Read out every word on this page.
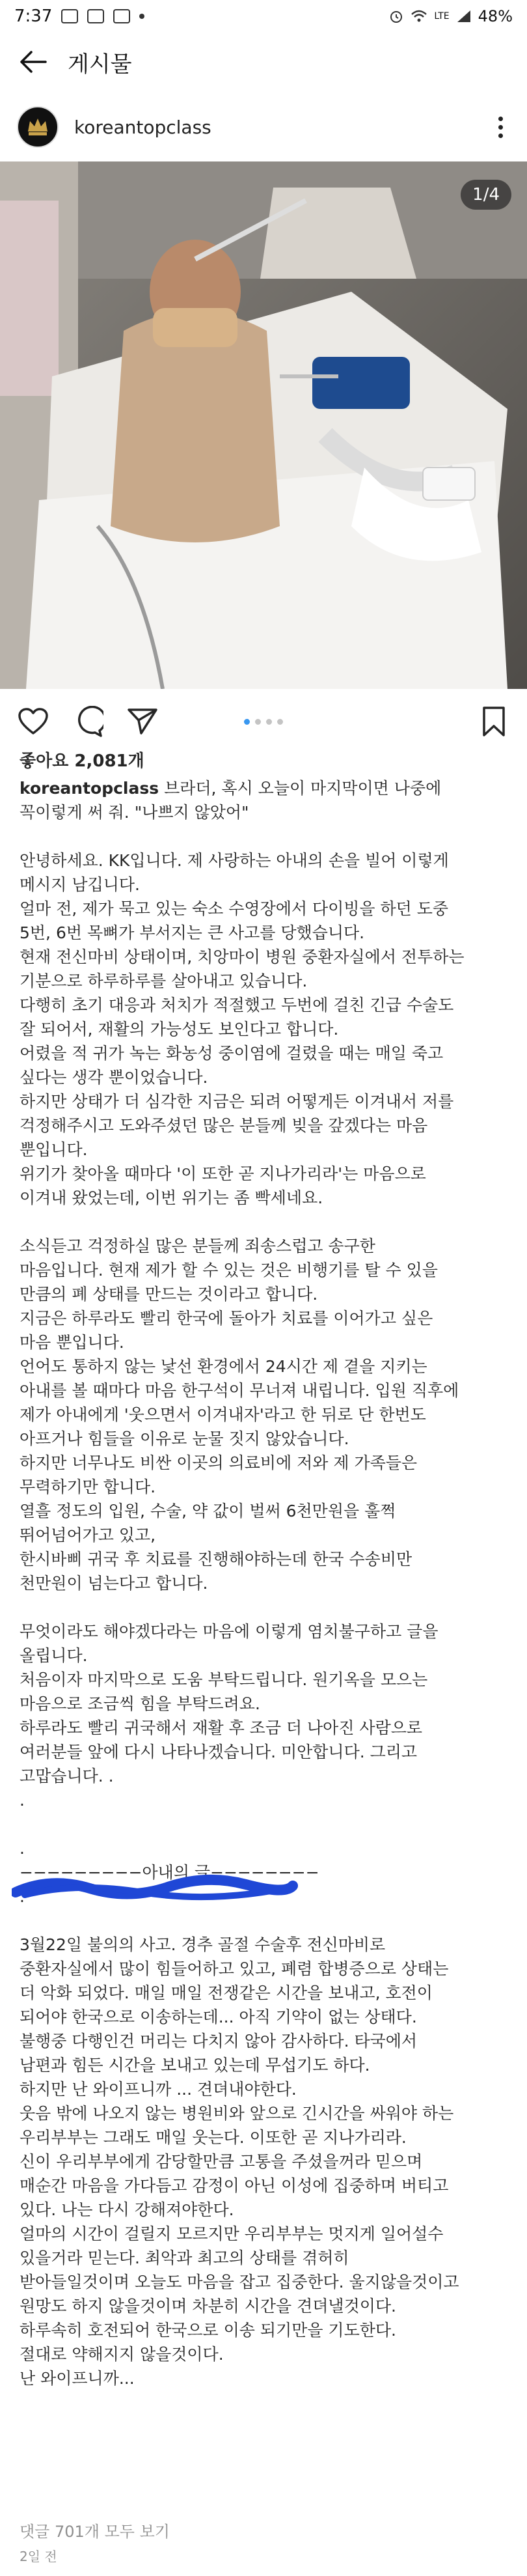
7:37	LTE 48%
게시물
koreantopclass
1/4
좋아요 2,081개

koreantopclass 브라더, 혹시 오늘이 마지막이면 나중에

꼭이렇게 써 줘. "나쁘지 않았어"

안녕하세요. KK입니다. 제 사랑하는 아내의 손을 빌어 이렇게

메시지 남깁니다.

얼마 전, 제가 묵고 있는 숙소 수영장에서 다이빙을 하던 도중

5번, 6번 목뼈가 부서지는 큰 사고를 당했습니다.

현재 전신마비 상태이며, 치앙마이 병원 중환자실에서 전투하는

기분으로 하루하루를 살아내고 있습니다.

다행히 초기 대응과 처치가 적절했고 두번에 걸친 긴급 수술도

잘 되어서, 재활의 가능성도 보인다고 합니다.

어렸을 적 귀가 녹는 화농성 중이염에 걸렸을 때는 매일 죽고

싶다는 생각 뿐이었습니다.

하지만 상태가 더 심각한 지금은 되려 어떻게든 이겨내서 저를

걱정해주시고 도와주셨던 많은 분들께 빚을 갚겠다는 마음

뿐입니다.

위기가 찾아올 때마다 '이 또한 곧 지나가리라'는 마음으로

이겨내 왔었는데, 이번 위기는 좀 빡세네요.

소식듣고 걱정하실 많은 분들께 죄송스럽고 송구한

마음입니다. 현재 제가 할 수 있는 것은 비행기를 탈 수 있을

만큼의 폐 상태를 만드는 것이라고 합니다.

지금은 하루라도 빨리 한국에 돌아가 치료를 이어가고 싶은

마음 뿐입니다.

언어도 통하지 않는 낯선 환경에서 24시간 제 곁을 지키는

아내를 볼 때마다 마음 한구석이 무너져 내립니다. 입원 직후에

제가 아내에게 '웃으면서 이겨내자'라고 한 뒤로 단 한번도

아프거나 힘들을 이유로 눈물 짓지 않았습니다.

하지만 너무나도 비싼 이곳의 의료비에 저와 제 가족들은

무력하기만 합니다.

열흘 정도의 입원, 수술, 약 값이 벌써 6천만원을 훌쩍

뛰어넘어가고 있고,

한시바삐 귀국 후 치료를 진행해야하는데 한국 수송비만

천만원이 넘는다고 합니다.

무엇이라도 해야겠다라는 마음에 이렇게 염치불구하고 글을

올립니다.

처음이자 마지막으로 도움 부탁드립니다. 원기옥을 모으는

마음으로 조금씩 힘을 부탁드려요.

하루라도 빨리 귀국해서 재활 후 조금 더 나아진 사람으로

여러분들 앞에 다시 나타나겠습니다. 미안합니다. 그리고

고맙습니다. .

.

.

−−−−−−−−−아내의 글−−−−−−−−

.

3월22일 불의의 사고. 경추 골절 수술후 전신마비로

중환자실에서 많이 힘들어하고 있고, 폐렴 합병증으로 상태는

더 악화 되었다. 매일 매일 전쟁같은 시간을 보내고, 호전이

되어야 한국으로 이송하는데... 아직 기약이 없는 상태다.

불행중 다행인건 머리는 다치지 않아 감사하다. 타국에서

남편과 힘든 시간을 보내고 있는데 무섭기도 하다.

하지만 난 와이프니까 ... 견뎌내야한다.

웃음 밖에 나오지 않는 병원비와 앞으로 긴시간을 싸워야 하는

우리부부는 그래도 매일 웃는다. 이또한 곧 지나가리라.

신이 우리부부에게 감당할만큼 고통을 주셨을꺼라 믿으며

매순간 마음을 가다듬고 감정이 아닌 이성에 집중하며 버티고

있다. 나는 다시 강해져야한다.

얼마의 시간이 걸릴지 모르지만 우리부부는 멋지게 일어설수

있을거라 믿는다. 최악과 최고의 상태를 겪허히

받아들일것이며 오늘도 마음을 잡고 집중한다. 울지않을것이고

원망도 하지 않을것이며 차분히 시간을 견뎌낼것이다.

하루속히 호전되어 한국으로 이송 되기만을 기도한다.

절대로 약해지지 않을것이다.

난 와이프니까...

댓글 701개 모두 보기
2일 전
